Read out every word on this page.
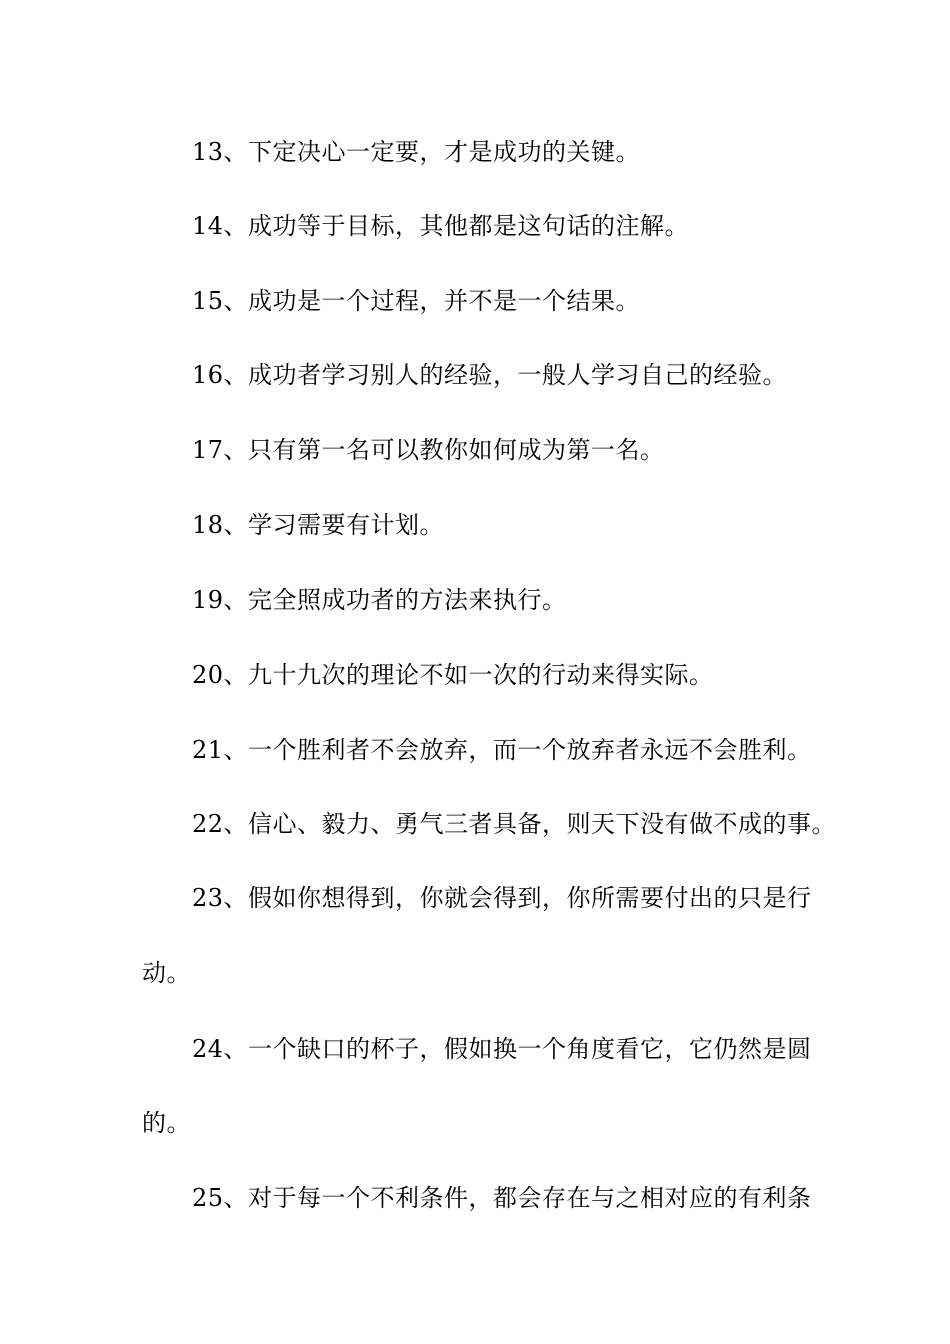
13、下定决心一定要，才是成功的关键。
14、成功等于目标，其他都是这句话的注解。
15、成功是一个过程，并不是一个结果。
16、成功者学习别人的经验，一般人学习自己的经验。
17、只有第一名可以教你如何成为第一名。
18、学习需要有计划。
19、完全照成功者的方法来执行。
20、九十九次的理论不如一次的行动来得实际。
21、一个胜利者不会放弃，而一个放弃者永远不会胜利。
22、信心、毅力、勇气三者具备，则天下没有做不成的事。
23、假如你想得到，你就会得到，你所需要付出的只是行
动。
24、一个缺口的杯子，假如换一个角度看它，它仍然是圆
的。
25、对于每一个不利条件，都会存在与之相对应的有利条
